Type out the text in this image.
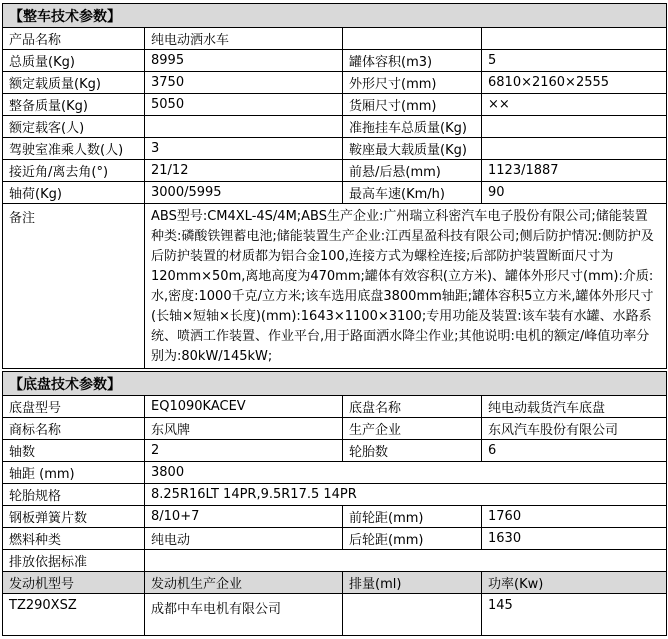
【整车技术参数】			
产品名称	纯电动洒水车		
总质量(Kg)	8995	罐体容积(m3)	5
额定载质量(Kg)	3750	外形尺寸(mm)	6810×2160×2555
整备质量(Kg)	5050	货厢尺寸(mm)	××
额定载客(人)		准拖挂车总质量(Kg)	
驾驶室准乘人数(人)	3	鞍座最大载质量(Kg)	
接近角/离去角(°)	21/12	前悬/后悬(mm)	1123/1887
轴荷(Kg)	3000/5995	最高车速(Km/h)	90
备注	ABS型号:CM4XL-4S/4M;ABS生产企业:广州瑞立科密汽车电子股份有限公司;储能装置种类:磷酸铁锂蓄电池;储能装置生产企业:江西星盈科技有限公司;侧后防护情况:侧防护及后防护装置的材质都为铝合金100,连接方式为螺栓连接;后部防护装置断面尺寸为120mm×50m,离地高度为470mm;罐体有效容积(立方米)、罐体外形尺寸(mm):介质:水,密度:1000千克/立方米;该车选用底盘3800mm轴距;罐体容积5立方米,罐体外形尺寸(长轴×短轴×长度)(mm):1643×1100×3100;专用功能及装置:该车装有水罐、水路系统、喷洒工作装置、作业平台,用于路面洒水降尘作业;其他说明:电机的额定/峰值功率分别为:80kW/145kW;		
【底盘技术参数】			
底盘型号	EQ1090KACEV	底盘名称	纯电动载货汽车底盘
商标名称	东风牌	生产企业	东风汽车股份有限公司
轴数	2	轮胎数	6
轴距 (mm)	3800		
轮胎规格	8.25R16LT 14PR,9.5R17.5 14PR		
钢板弹簧片数	8/10+7	前轮距(mm)	1760
燃料种类	纯电动	后轮距(mm)	1630
排放依据标准			
发动机型号	发动机生产企业	排量(ml)	功率(Kw)
TZ290XSZ	成都中车电机有限公司		145
